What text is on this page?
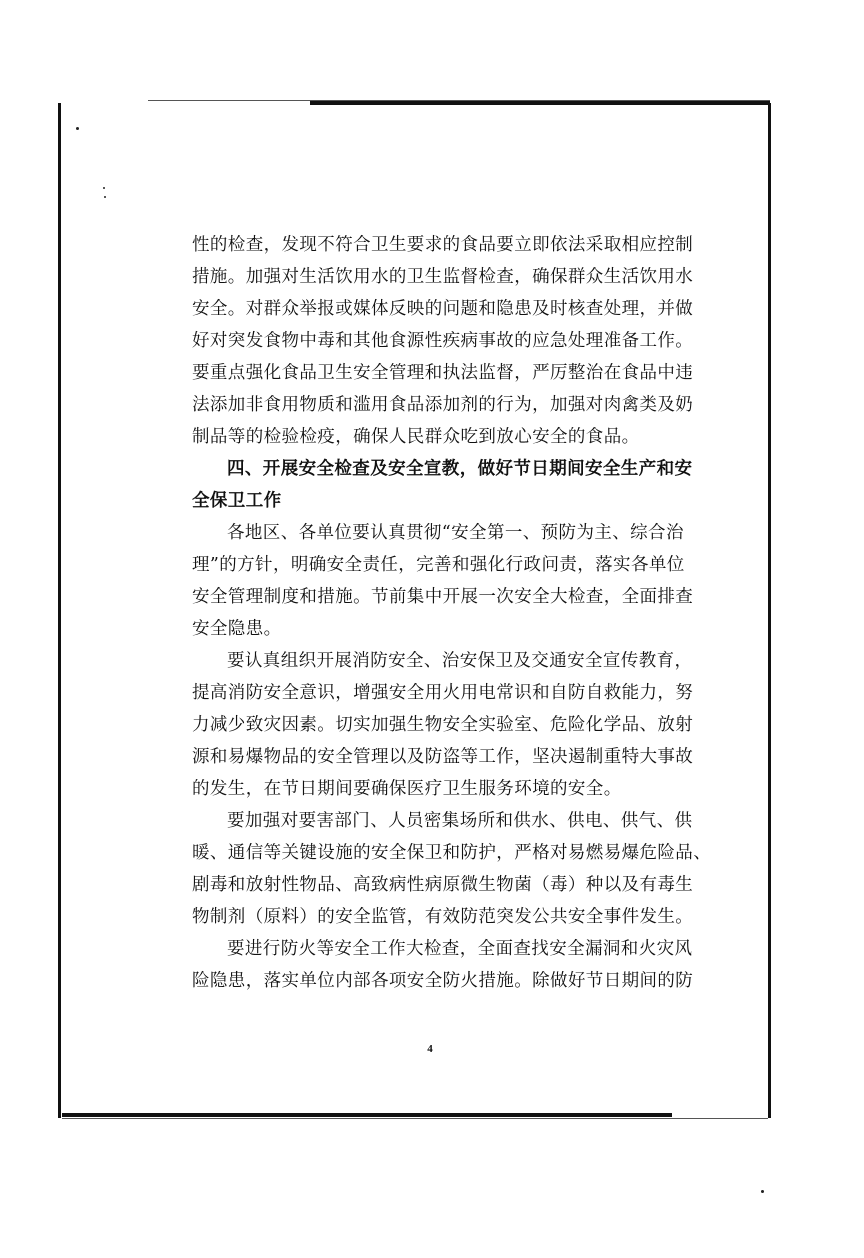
性的检查，发现不符合卫生要求的食品要立即依法采取相应控制
措施。加强对生活饮用水的卫生监督检查，确保群众生活饮用水
安全。对群众举报或媒体反映的问题和隐患及时核查处理，并做
好对突发食物中毒和其他食源性疾病事故的应急处理准备工作。
要重点强化食品卫生安全管理和执法监督，严厉整治在食品中违
法添加非食用物质和滥用食品添加剂的行为，加强对肉禽类及奶
制品等的检验检疫，确保人民群众吃到放心安全的食品。
四、开展安全检查及安全宣教，做好节日期间安全生产和安
全保卫工作
各地区、各单位要认真贯彻“安全第一、预防为主、综合治
理”的方针，明确安全责任，完善和强化行政问责，落实各单位
安全管理制度和措施。节前集中开展一次安全大检查，全面排查
安全隐患。
要认真组织开展消防安全、治安保卫及交通安全宣传教育，
提高消防安全意识，增强安全用火用电常识和自防自救能力，努
力减少致灾因素。切实加强生物安全实验室、危险化学品、放射
源和易爆物品的安全管理以及防盗等工作，坚决遏制重特大事故
的发生，在节日期间要确保医疗卫生服务环境的安全。
要加强对要害部门、人员密集场所和供水、供电、供气、供
暖、通信等关键设施的安全保卫和防护，严格对易燃易爆危险品、
剧毒和放射性物品、高致病性病原微生物菌（毒）种以及有毒生
物制剂（原料）的安全监管，有效防范突发公共安全事件发生。
要进行防火等安全工作大检查，全面查找安全漏洞和火灾风
险隐患，落实单位内部各项安全防火措施。除做好节日期间的防
4
